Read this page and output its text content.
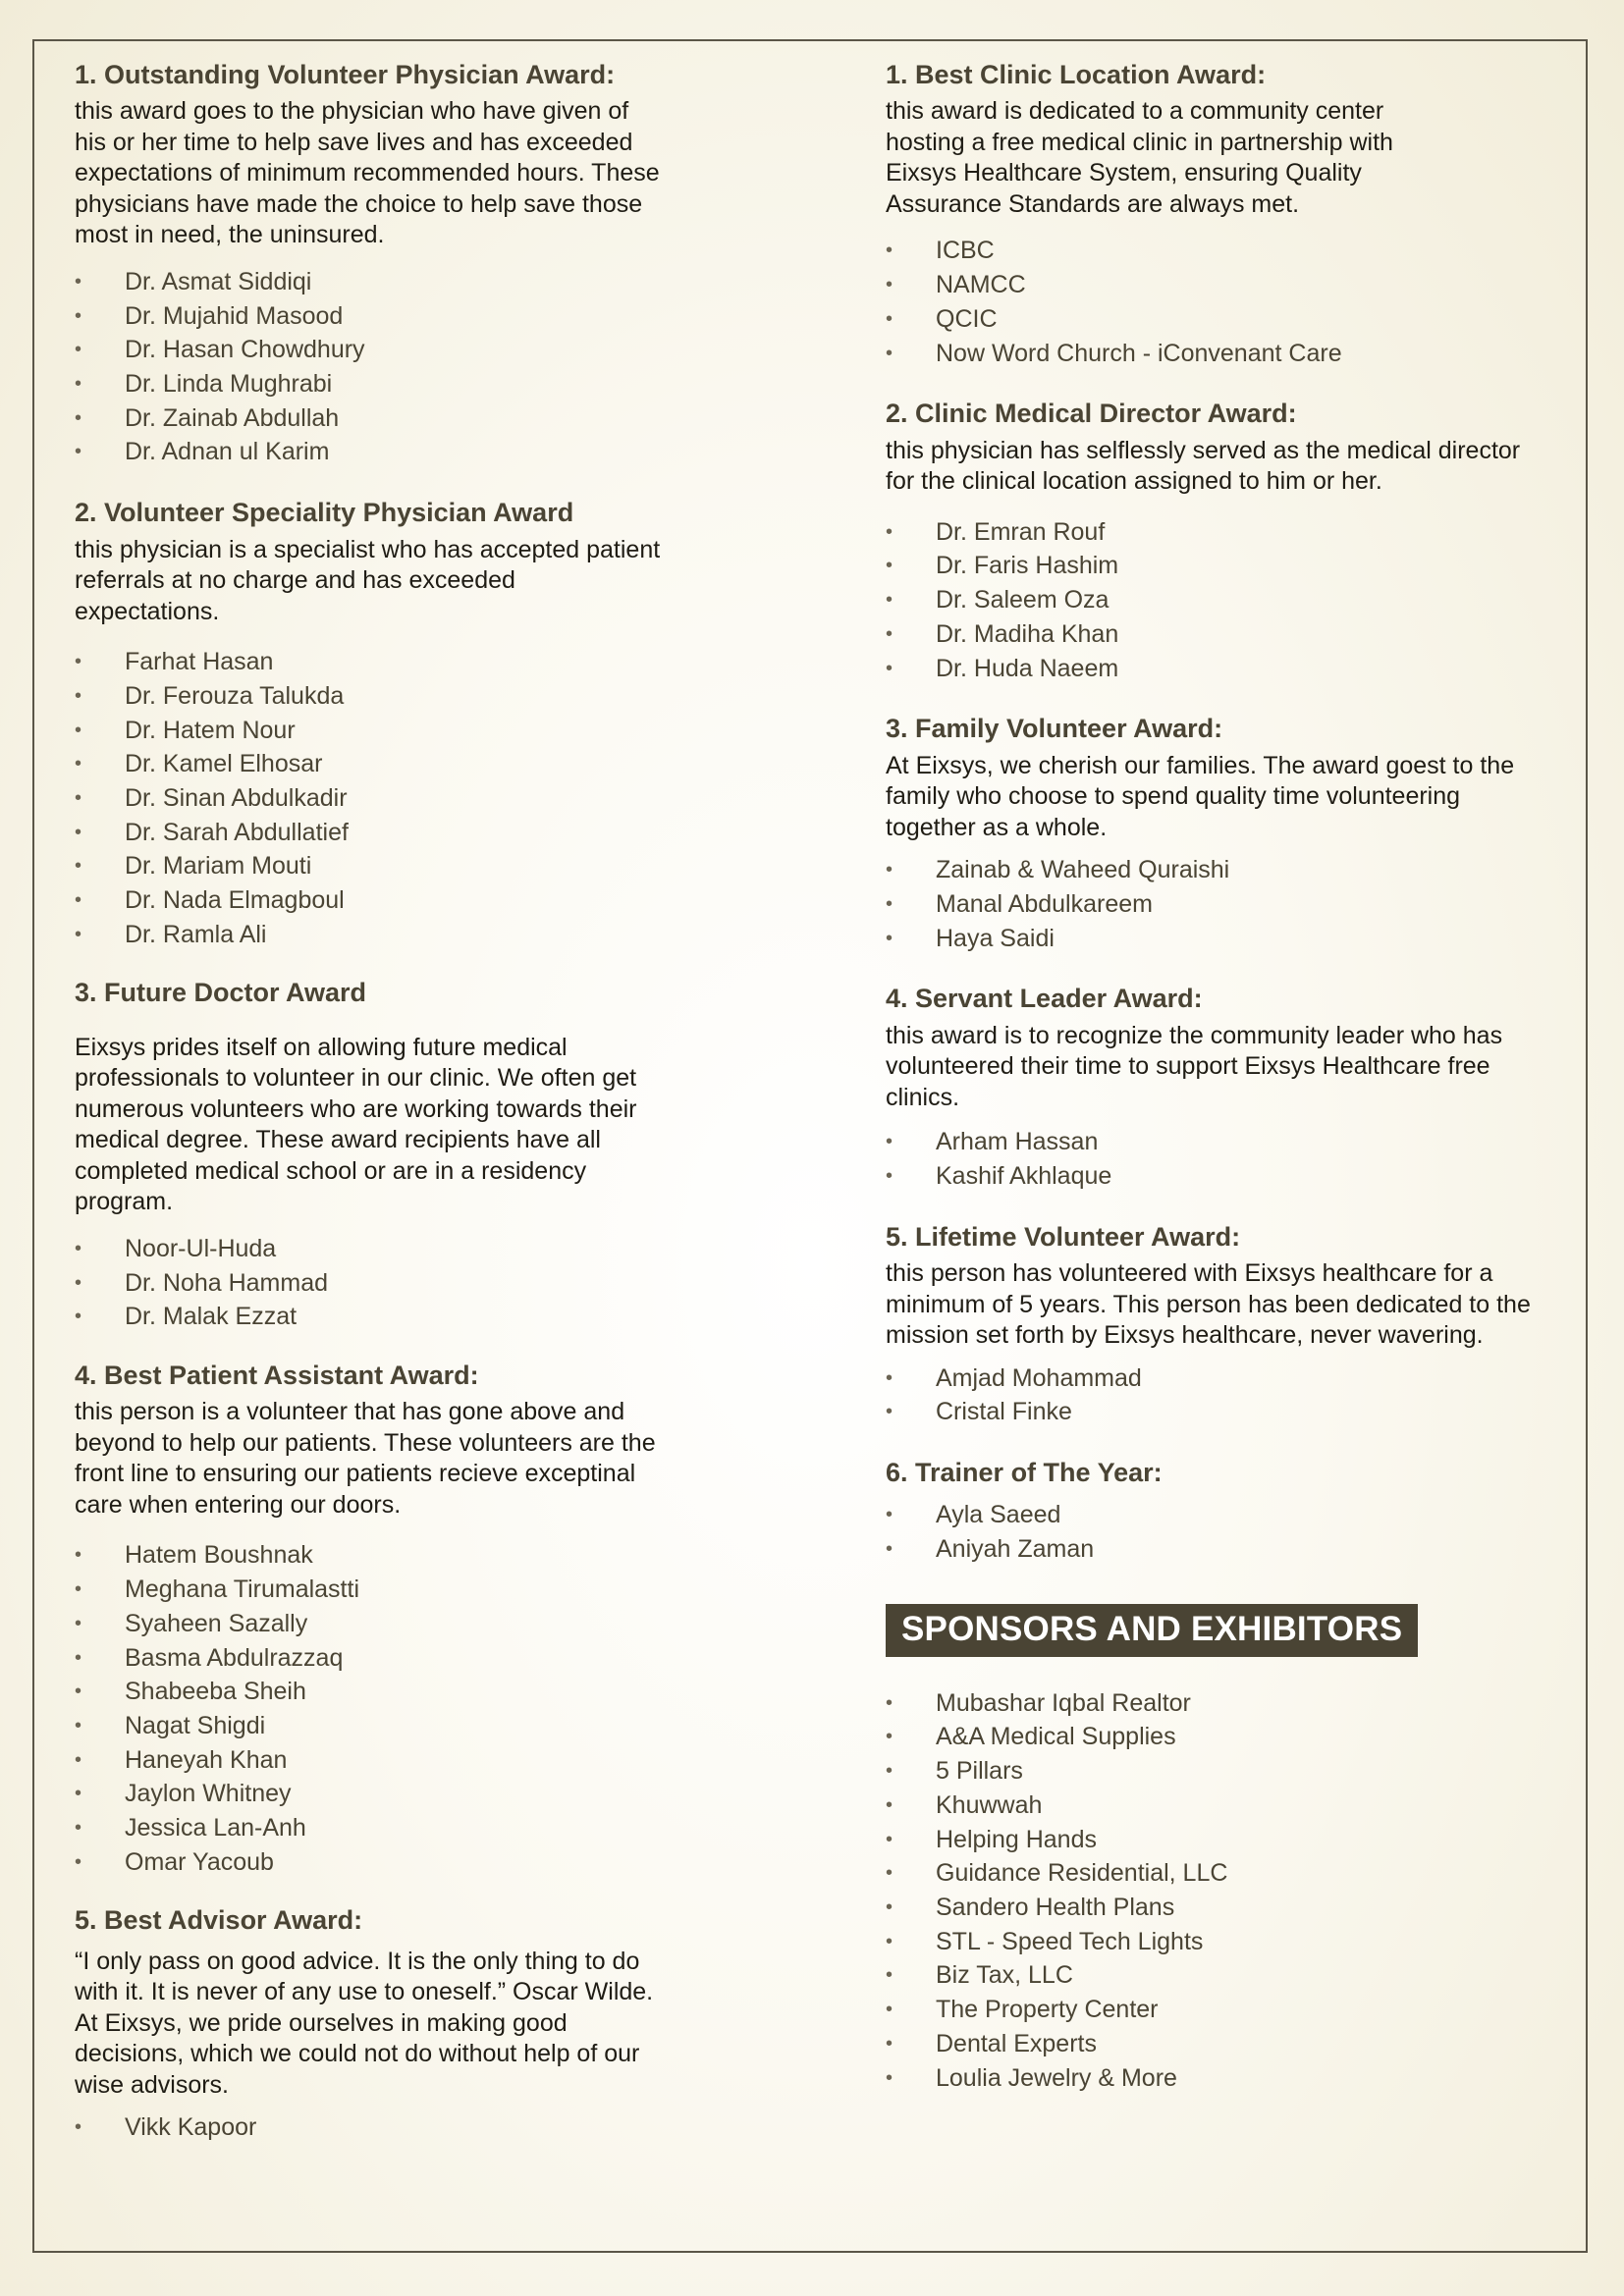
1. Outstanding Volunteer Physician Award:

this award goes to the physician who have given of his or her time to help save lives and has exceeded expectations of minimum recommended hours. These physicians have made the choice to help save those most in need, the uninsured.

• Dr. Asmat Siddiqi
• Dr. Mujahid Masood
• Dr. Hasan Chowdhury
• Dr. Linda Mughrabi
• Dr. Zainab Abdullah
• Dr. Adnan ul Karim
2. Volunteer Speciality Physician Award

this physician is a specialist who has accepted patient referrals at no charge and has exceeded expectations.

• Farhat Hasan
• Dr. Ferouza Talukda
• Dr. Hatem Nour
• Dr. Kamel Elhosar
• Dr. Sinan Abdulkadir
• Dr. Sarah Abdullatief
• Dr. Mariam Mouti
• Dr. Nada Elmagboul
• Dr. Ramla Ali
3. Future Doctor Award

Eixsys prides itself on allowing future medical professionals to volunteer in our clinic. We often get numerous volunteers who are working towards their medical degree. These award recipients have all completed medical school or are in a residency program.

• Noor-Ul-Huda
• Dr. Noha Hammad
• Dr. Malak Ezzat
4. Best Patient Assistant Award:

this person is a volunteer that has gone above and beyond to help our patients. These volunteers are the front line to ensuring our patients recieve exceptinal care when entering our doors.

• Hatem Boushnak
• Meghana Tirumalastti
• Syaheen Sazally
• Basma Abdulrazzaq
• Shabeeba Sheih
• Nagat Shigdi
• Haneyah Khan
• Jaylon Whitney
• Jessica Lan-Anh
• Omar Yacoub
5. Best Advisor Award:

“I only pass on good advice. It is the only thing to do with it. It is never of any use to oneself.” Oscar Wilde. At Eixsys, we pride ourselves in making good decisions, which we could not do without help of our wise advisors.

• Vikk Kapoor
1. Best Clinic Location Award:

this award is dedicated to a community center hosting a free medical clinic in partnership with Eixsys Healthcare System, ensuring Quality Assurance Standards are always met.

• ICBC
• NAMCC
• QCIC
• Now Word Church - iConvenant Care
2. Clinic Medical Director Award:

this physician has selflessly served as the medical director for the clinical location assigned to him or her.

• Dr. Emran Rouf
• Dr. Faris Hashim
• Dr. Saleem Oza
• Dr. Madiha Khan
• Dr. Huda Naeem
3. Family Volunteer Award:

At Eixsys, we cherish our families. The award goest to the family who choose to spend quality time volunteering together as a whole.

• Zainab & Waheed Quraishi
• Manal Abdulkareem
• Haya Saidi
4. Servant Leader Award:

this award is to recognize the community leader who has volunteered their time to support Eixsys Healthcare free clinics.

• Arham Hassan
• Kashif Akhlaque
5. Lifetime Volunteer Award:

this person has volunteered with Eixsys healthcare for a minimum of 5 years. This person has been dedicated to the mission set forth by Eixsys healthcare, never wavering.

• Amjad Mohammad
• Cristal Finke
6. Trainer of The Year:
• Ayla Saeed
• Aniyah Zaman
SPONSORS AND EXHIBITORS
• Mubashar Iqbal Realtor
• A&A Medical Supplies
• 5 Pillars
• Khuwwah
• Helping Hands
• Guidance Residential, LLC
• Sandero Health Plans
• STL - Speed Tech Lights
• Biz Tax, LLC
• The Property Center
• Dental Experts
• Loulia Jewelry & More
